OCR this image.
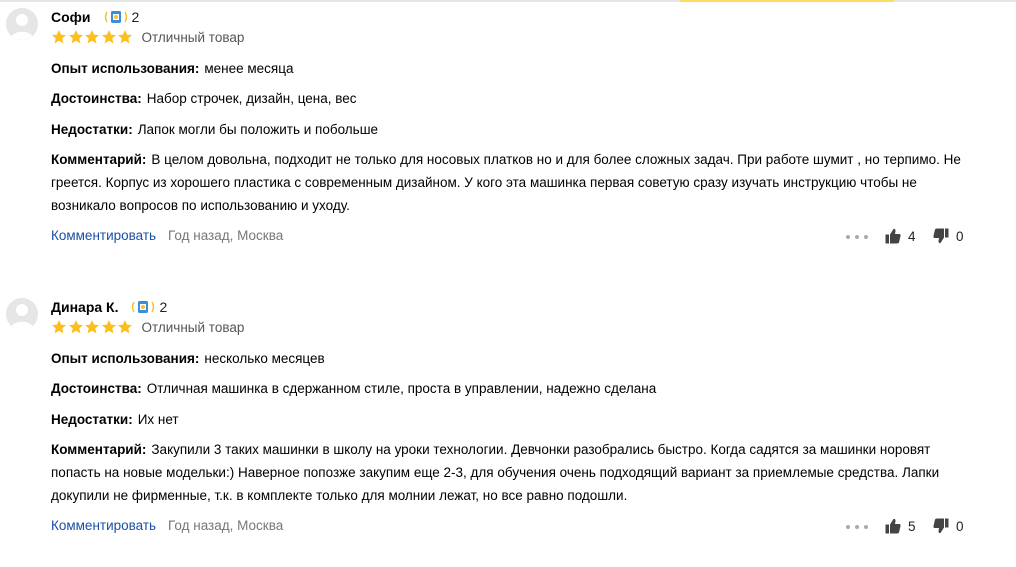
Софи	2
Отличный товар
Опыт использования: менее месяца
Достоинства: Набор строчек, дизайн, цена, вес
Недостатки: Лапок могли бы положить и побольше
Комментарий: В целом довольна, подходит не только для носовых платков но и для более сложных задач. При работе шумит , но терпимо. Не греется. Корпус из хорошего пластика с современным дизайном. У кого эта машинка первая советую сразу изучать инструкцию чтобы не возникало вопросов по использованию и уходу.
Комментировать Год назад, Москва	4	0
Динара К.	2
Отличный товар
Опыт использования: несколько месяцев
Достоинства: Отличная машинка в сдержанном стиле, проста в управлении, надежно сделана
Недостатки: Их нет
Комментарий: Закупили 3 таких машинки в школу на уроки технологии. Девчонки разобрались быстро. Когда садятся за машинки норовят попасть на новые модельки:) Наверное попозже закупим еще 2-3, для обучения очень подходящий вариант за приемлемые средства. Лапки докупили не фирменные, т.к. в комплекте только для молнии лежат, но все равно подошли.
Комментировать Год назад, Москва	5	0
